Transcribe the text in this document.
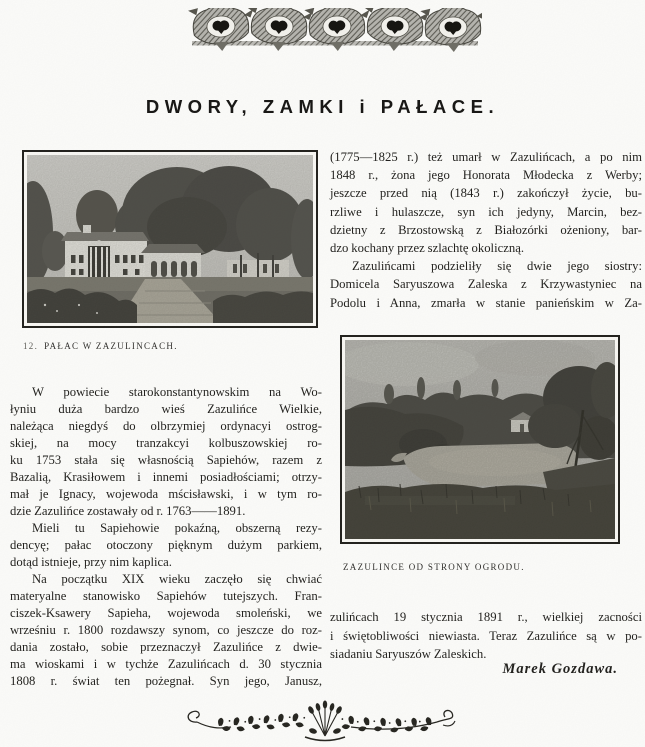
DWORY, ZAMKI i PAŁACE.
12. PAŁAC W ZAZULINCACH.
W powiecie starokonstantynowskim na Wo-
łyniu duża bardzo wieś Zazulińce Wielkie,
należąca niegdyś do olbrzymiej ordynacyi ostrog-
skiej, na mocy tranzakcyi kolbuszowskiej ro-
ku 1753 stała się własnością Sapiehów, razem z
Bazalią, Krasiłowem i innemi posiadłościami; otrzy-
mał je Ignacy, wojewoda mścisławski, i w tym ro-
dzie Zazulińce zostawały od r. 1763——1891.
Mieli tu Sapiehowie pokaźną, obszerną rezy-
dencyę; pałac otoczony pięknym dużym parkiem,
dotąd istnieje, przy nim kaplica.
Na początku XIX wieku zaczęło się chwiać
materyalne stanowisko Sapiehów tutejszych. Fran-
ciszek-Ksawery Sapieha, wojewoda smoleński, we
wrześniu r. 1800 rozdawszy synom, co jeszcze do roz-
dania zostało, sobie przeznaczył Zazulińce z dwie-
ma wioskami i w tychże Zazulińcach d. 30 stycznia
1808 r. świat ten pożegnał. Syn jego, Janusz,
(1775—1825 r.) też umarł w Zazulińcach, a po nim
1848 r., żona jego Honorata Młodecka z Werby;
jeszcze przed nią (1843 r.) zakończył życie, bu-
rzliwe i hulaszcze, syn ich jedyny, Marcin, bez-
dzietny z Brzostowską z Białozórki ożeniony, bar-
dzo kochany przez szlachtę okoliczną.
Zazulińcami podzieliły się dwie jego siostry:
Domicela Saryuszowa Zaleska z Krzywastyniec na
Podolu i Anna, zmarła w stanie panieńskim w Za-
ZAZULINCE OD STRONY OGRODU.
zulińcach 19 stycznia 1891 r., wielkiej zacności
i świętobliwości niewiasta. Teraz Zazulińce są w po-
siadaniu Saryuszów Zaleskich.
Marek Gozdawa.
